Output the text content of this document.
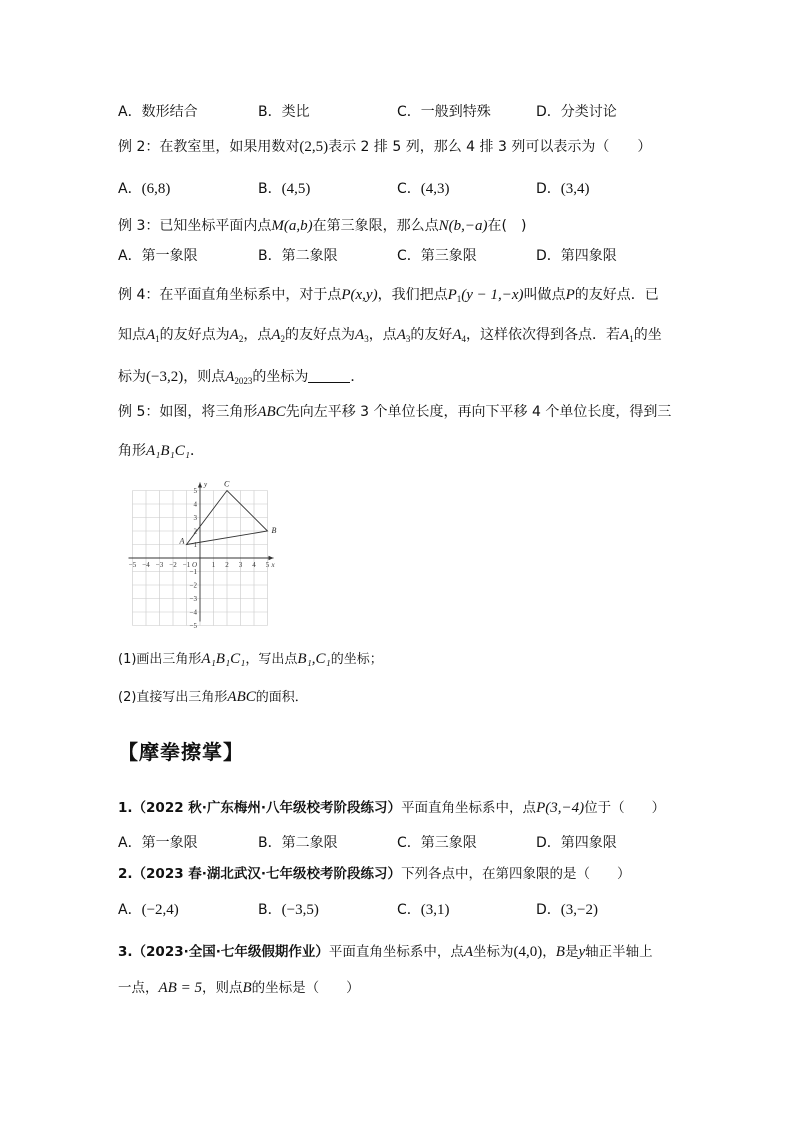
A．数形结合	B．类比	C．一般到特殊	D．分类讨论
例 2：在教室里，如果用数对(2,5)表示 2 排 5 列，那么 4 排 3 列可以表示为（　　）
A．(6,8)	B．(4,5)	C．(4,3)	D．(3,4)
例 3：已知坐标平面内点M(a,b)在第三象限，那么点N(b,−a)在(　)
A．第一象限	B．第二象限	C．第三象限	D．第四象限
例 4：在平面直角坐标系中，对于点P(x,y)，我们把点$P_1(y - 1,-x)$叫做点P的友好点．已
知点$A_1$的友好点为$A_2$，点$A_2$的友好点为$A_3$，点$A_3$的友好$A_4$，这样依次得到各点．若$A_1$的坐
标为(−3,2)，则点$A_{2023}$的坐标为	．
例 5：如图，将三角形ABC先向左平移 3 个单位长度，再向下平移 4 个单位长度，得到三
角形A₁B₁C₁．
−5 −4 −3 −2 −1	1 2 3 4 5
5
4
3
2
1
−1
−2
−3
−4
−5
O	x
y
A
B
C
(1)画出三角形A₁B₁C₁，写出点B₁,C₁的坐标；
(2)直接写出三角形ABC的面积．
【摩拳擦掌】
1.（2022 秋·广东梅州·八年级校考阶段练习）平面直角坐标系中，点P(3,−4)位于（　　）
A．第一象限	B．第二象限	C．第三象限	D．第四象限
2.（2023 春·湖北武汉·七年级校考阶段练习）下列各点中，在第四象限的是（　　）
A．(−2,4)	B．(−3,5)	C．(3,1)	D．(3,−2)
3.（2023·全国·七年级假期作业）平面直角坐标系中，点A坐标为(4,0)，B是y轴正半轴上
一点，AB = 5，则点B的坐标是（　　）
